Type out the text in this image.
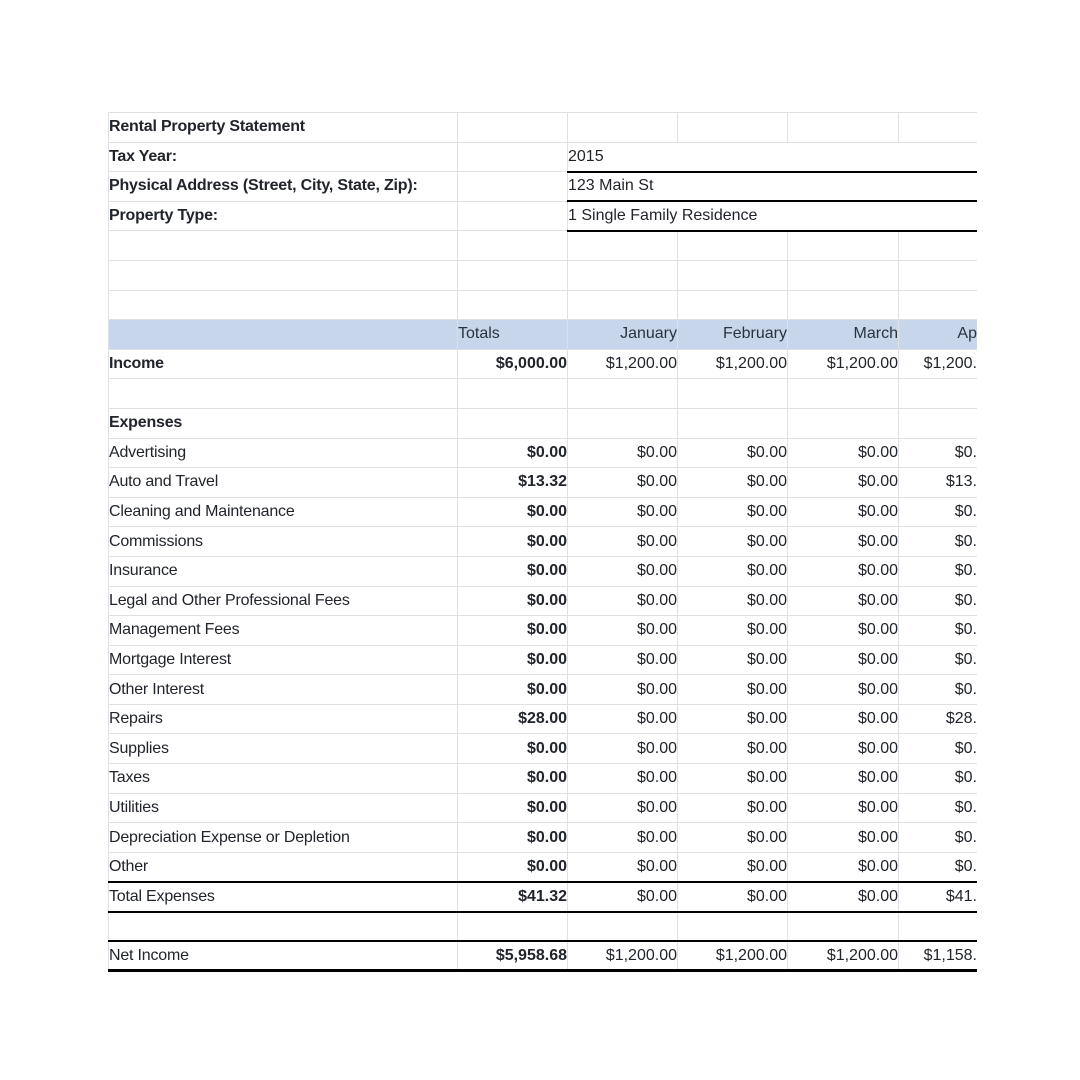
Rental Property Statement					
Tax Year:		2015			
Physical Address (Street, City, State, Zip):		123 Main St			
Property Type:		1 Single Family Residence			

	Totals	January	February	March	Ap
Income	$6,000.00	$1,200.00	$1,200.00	$1,200.00	$1,200.

Expenses					
Advertising	$0.00	$0.00	$0.00	$0.00	$0.
Auto and Travel	$13.32	$0.00	$0.00	$0.00	$13.
Cleaning and Maintenance	$0.00	$0.00	$0.00	$0.00	$0.
Commissions	$0.00	$0.00	$0.00	$0.00	$0.
Insurance	$0.00	$0.00	$0.00	$0.00	$0.
Legal and Other Professional Fees	$0.00	$0.00	$0.00	$0.00	$0.
Management Fees	$0.00	$0.00	$0.00	$0.00	$0.
Mortgage Interest	$0.00	$0.00	$0.00	$0.00	$0.
Other Interest	$0.00	$0.00	$0.00	$0.00	$0.
Repairs	$28.00	$0.00	$0.00	$0.00	$28.
Supplies	$0.00	$0.00	$0.00	$0.00	$0.
Taxes	$0.00	$0.00	$0.00	$0.00	$0.
Utilities	$0.00	$0.00	$0.00	$0.00	$0.
Depreciation Expense or Depletion	$0.00	$0.00	$0.00	$0.00	$0.
Other	$0.00	$0.00	$0.00	$0.00	$0.
Total Expenses	$41.32	$0.00	$0.00	$0.00	$41.

Net Income	$5,958.68	$1,200.00	$1,200.00	$1,200.00	$1,158.
